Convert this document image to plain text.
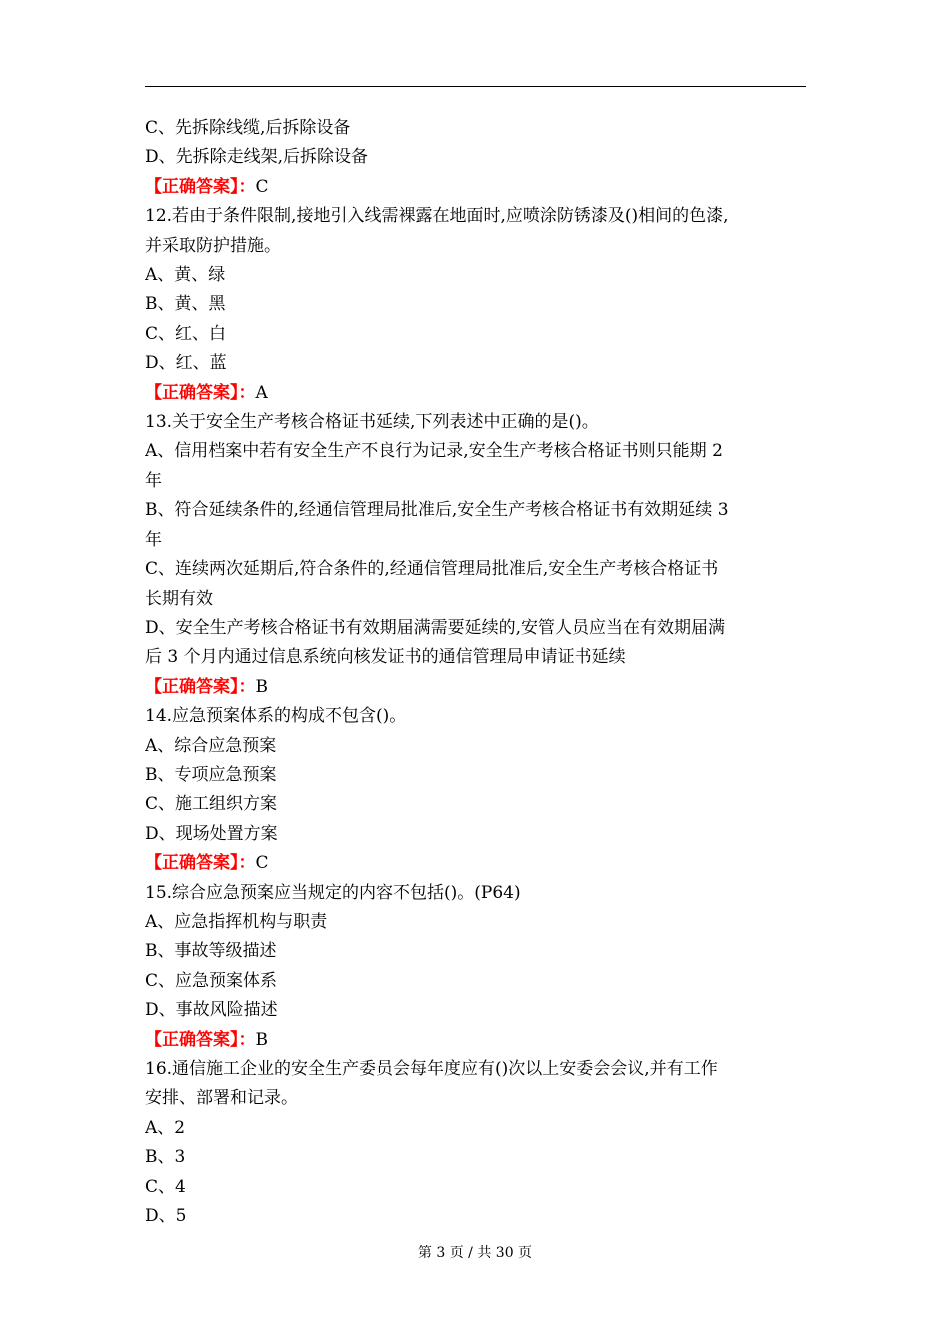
C、先拆除线缆,后拆除设备

D、先拆除走线架,后拆除设备

【正确答案】：C

12.若由于条件限制,接地引入线需裸露在地面时,应喷涂防锈漆及()相间的色漆,

并采取防护措施。

A、黄、绿

B、黄、黑

C、红、白

D、红、蓝

【正确答案】：A

13.关于安全生产考核合格证书延续,下列表述中正确的是()。

A、信用档案中若有安全生产不良行为记录,安全生产考核合格证书则只能期 2

年

B、符合延续条件的,经通信管理局批准后,安全生产考核合格证书有效期延续 3

年

C、连续两次延期后,符合条件的,经通信管理局批准后,安全生产考核合格证书

长期有效

D、安全生产考核合格证书有效期届满需要延续的,安管人员应当在有效期届满

后 3 个月内通过信息系统向核发证书的通信管理局申请证书延续

【正确答案】：B

14.应急预案体系的构成不包含()。

A、综合应急预案

B、专项应急预案

C、施工组织方案

D、现场处置方案

【正确答案】：C

15.综合应急预案应当规定的内容不包括()。(P64)

A、应急指挥机构与职责

B、事故等级描述

C、应急预案体系

D、事故风险描述

【正确答案】：B

16.通信施工企业的安全生产委员会每年度应有()次以上安委会会议,并有工作

安排、部署和记录。

A、2

B、3

C、4

D、5

第 3 页 / 共 30 页
